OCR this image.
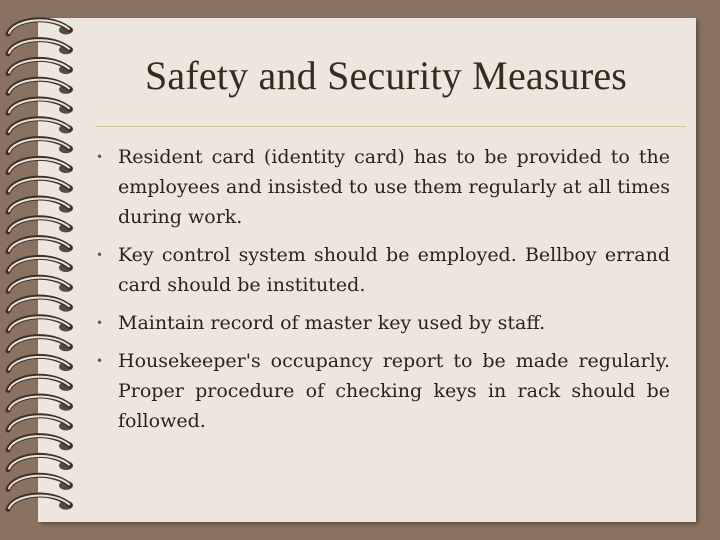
Safety and Security Measures
• Resident card (identity card) has to be provided to the employees and insisted to use them regularly at all times during work.
• Key control system should be employed. Bellboy errand card should be instituted.
• Maintain record of master key used by staff.
• Housekeeper's occupancy report to be made regularly. Proper procedure of checking keys in rack should be followed.
